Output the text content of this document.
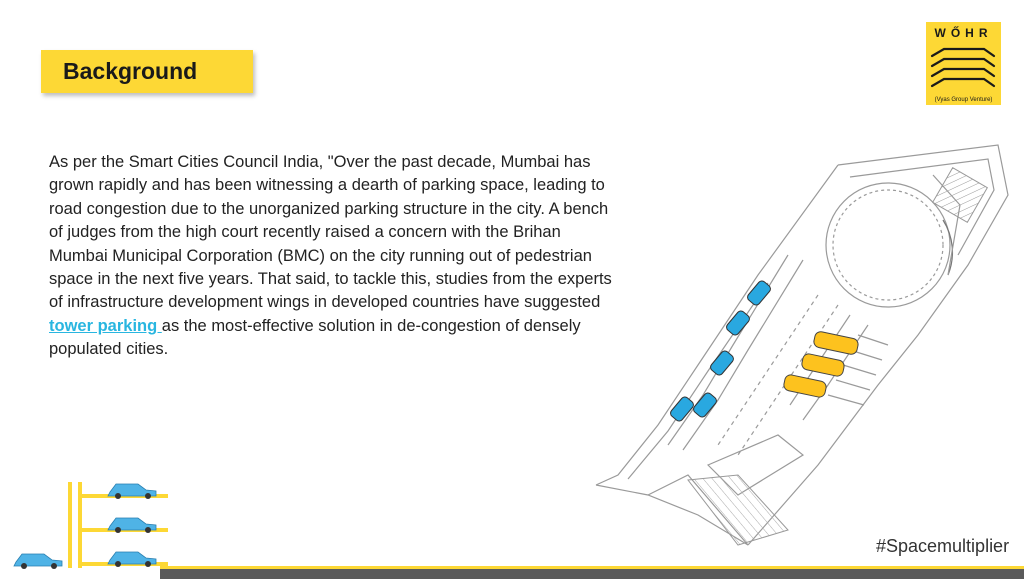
Background
WŐHR
(Vyas Group Venture)
As per the Smart Cities Council India, "Over the past decade, Mumbai has grown rapidly and has been witnessing a dearth of parking space, leading to road congestion due to the unorganized parking structure in the city. A bench of judges from the high court recently raised a concern with the Brihan Mumbai Municipal Corporation (BMC) on the city running out of pedestrian space in the next five years. That said, to tackle this, studies from the experts of infrastructure development wings in developed countries have suggested tower parking as the most-effective solution in de-congestion of densely populated cities.
#Spacemultiplier
